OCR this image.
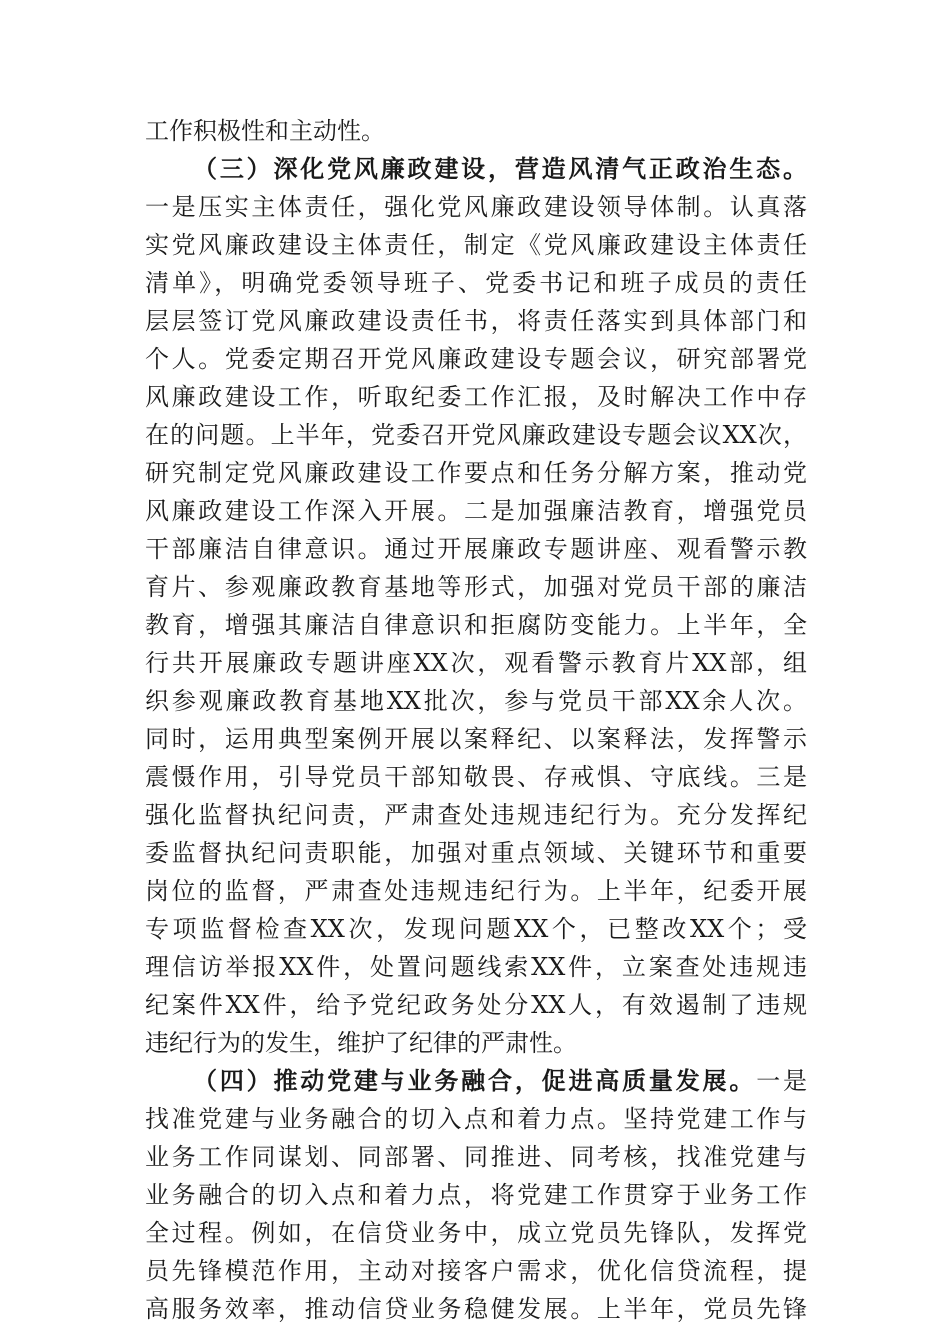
工作积极性和主动性。
（三）深化党风廉政建设，营造风清气正政治生态。
一是压实主体责任，强化党风廉政建设领导体制。认真落
实党风廉政建设主体责任，制定《党风廉政建设主体责任
清单》，明确党委领导班子、党委书记和班子成员的责任
层层签订党风廉政建设责任书，将责任落实到具体部门和
个人。党委定期召开党风廉政建设专题会议，研究部署党
风廉政建设工作，听取纪委工作汇报，及时解决工作中存
在的问题。上半年，党委召开党风廉政建设专题会议XX次，
研究制定党风廉政建设工作要点和任务分解方案，推动党
风廉政建设工作深入开展。二是加强廉洁教育，增强党员
干部廉洁自律意识。通过开展廉政专题讲座、观看警示教
育片、参观廉政教育基地等形式，加强对党员干部的廉洁
教育，增强其廉洁自律意识和拒腐防变能力。上半年，全
行共开展廉政专题讲座XX次，观看警示教育片XX部，组
织参观廉政教育基地XX批次，参与党员干部XX余人次。
同时，运用典型案例开展以案释纪、以案释法，发挥警示
震慑作用，引导党员干部知敬畏、存戒惧、守底线。三是
强化监督执纪问责，严肃查处违规违纪行为。充分发挥纪
委监督执纪问责职能，加强对重点领域、关键环节和重要
岗位的监督，严肃查处违规违纪行为。上半年，纪委开展
专项监督检查XX次，发现问题XX个，已整改XX个；受
理信访举报XX件，处置问题线索XX件，立案查处违规违
纪案件XX件，给予党纪政务处分XX人，有效遏制了违规
违纪行为的发生，维护了纪律的严肃性。
（四）推动党建与业务融合，促进高质量发展。一是
找准党建与业务融合的切入点和着力点。坚持党建工作与
业务工作同谋划、同部署、同推进、同考核，找准党建与
业务融合的切入点和着力点，将党建工作贯穿于业务工作
全过程。例如，在信贷业务中，成立党员先锋队，发挥党
员先锋模范作用，主动对接客户需求，优化信贷流程，提
高服务效率，推动信贷业务稳健发展。上半年，党员先锋
